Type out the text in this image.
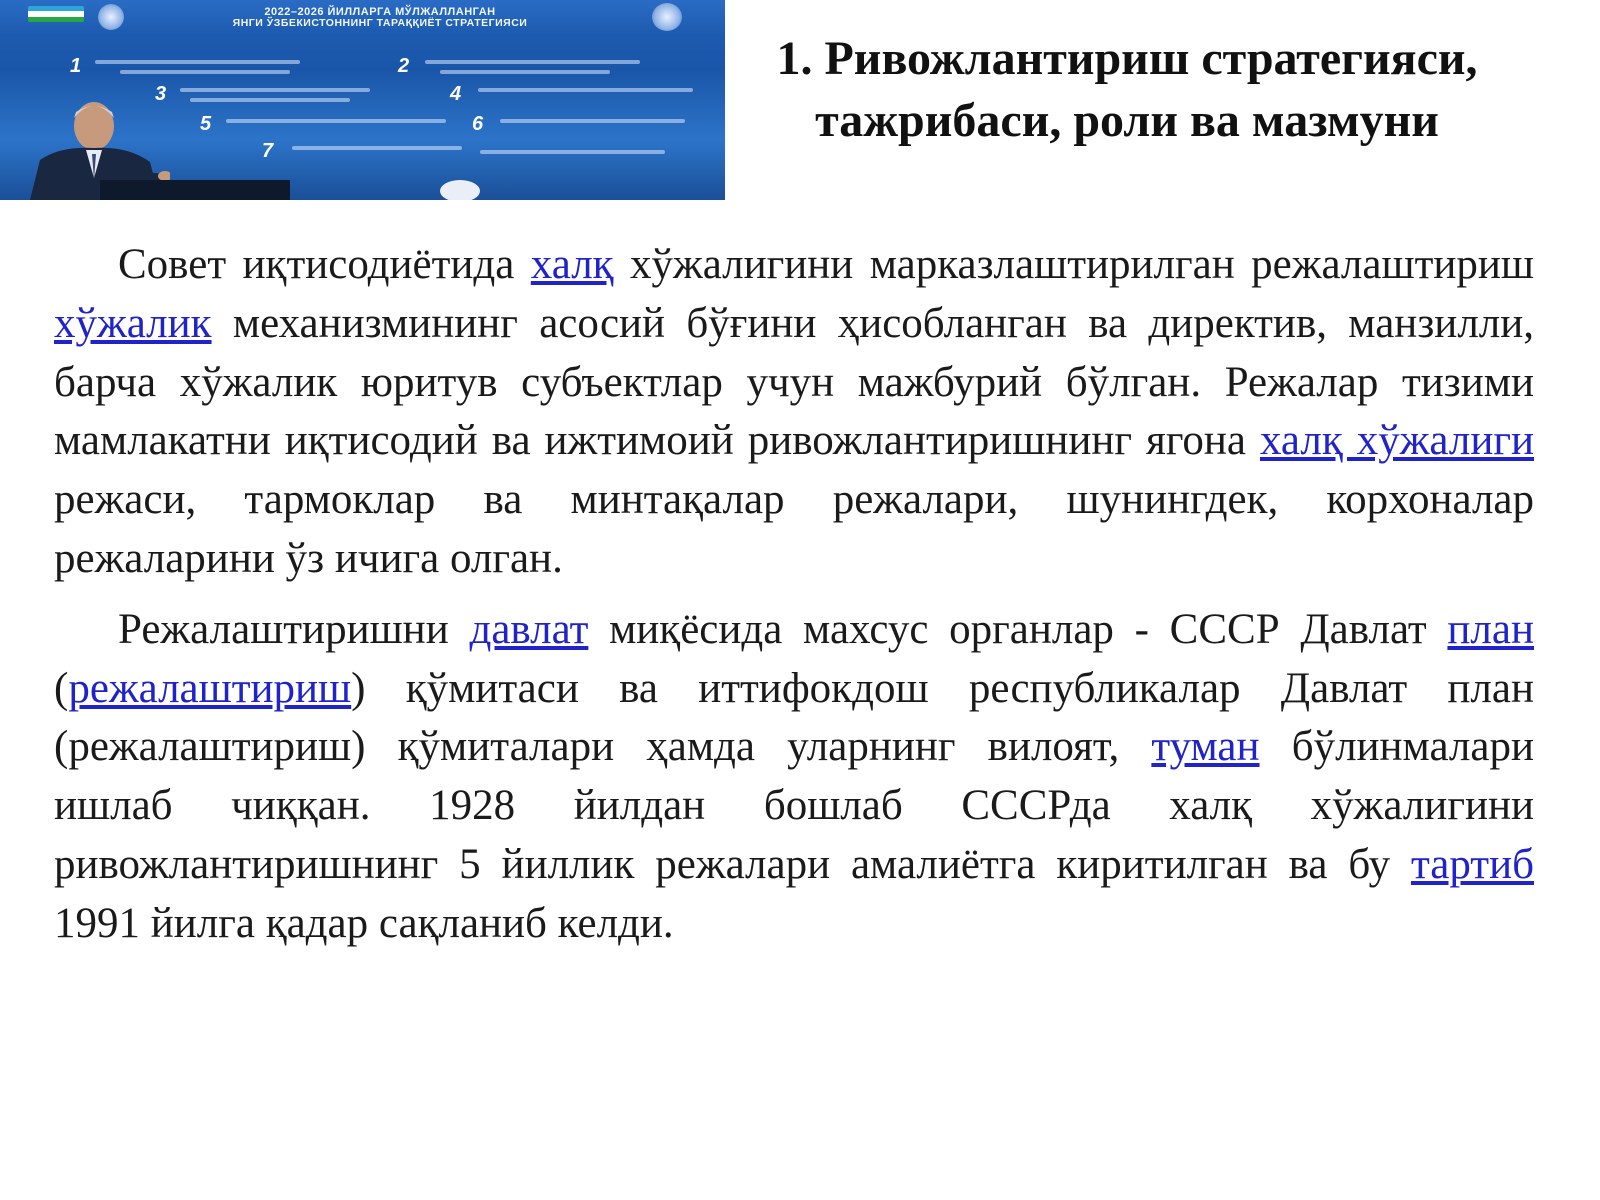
2022–2026 ЙИЛЛАРГА МЎЛЖАЛЛАНГАН
ЯНГИ ЎЗБЕКИСТОННИНГ ТАРАҚҚИЁТ СТРАТЕГИЯСИ
1	2
3	4
5	6
7
1. Ривожлантириш стратегияси,
тажрибаси, роли ва мазмуни

Совет иқтисодиётида халқ хўжалигини марказлаштирилган режалаштириш хўжалик механизмининг асосий бўғини ҳисобланган ва директив, манзилли, барча хўжалик юритув субъектлар учун мажбурий бўлган. Режалар тизими мамлакатни иқтисодий ва ижтимоий ривожлантиришнинг ягона халқ хўжалиги режаси, тармоклар ва минтақалар режалари, шунингдек, корхоналар режаларини ўз ичига олган.

Режалаштиришни давлат миқёсида махсус органлар - СССР Давлат план (режалаштириш) қўмитаси ва иттифокдош республикалар Давлат план (режалаштириш) қўмиталари ҳамда уларнинг вилоят, туман бўлинмалари ишлаб чиққан. 1928 йилдан бошлаб СССРда халқ хўжалигини ривожлантиришнинг 5 йиллик режалари амалиётга киритилган ва бу тартиб 1991 йилга қадар сақланиб келди.
